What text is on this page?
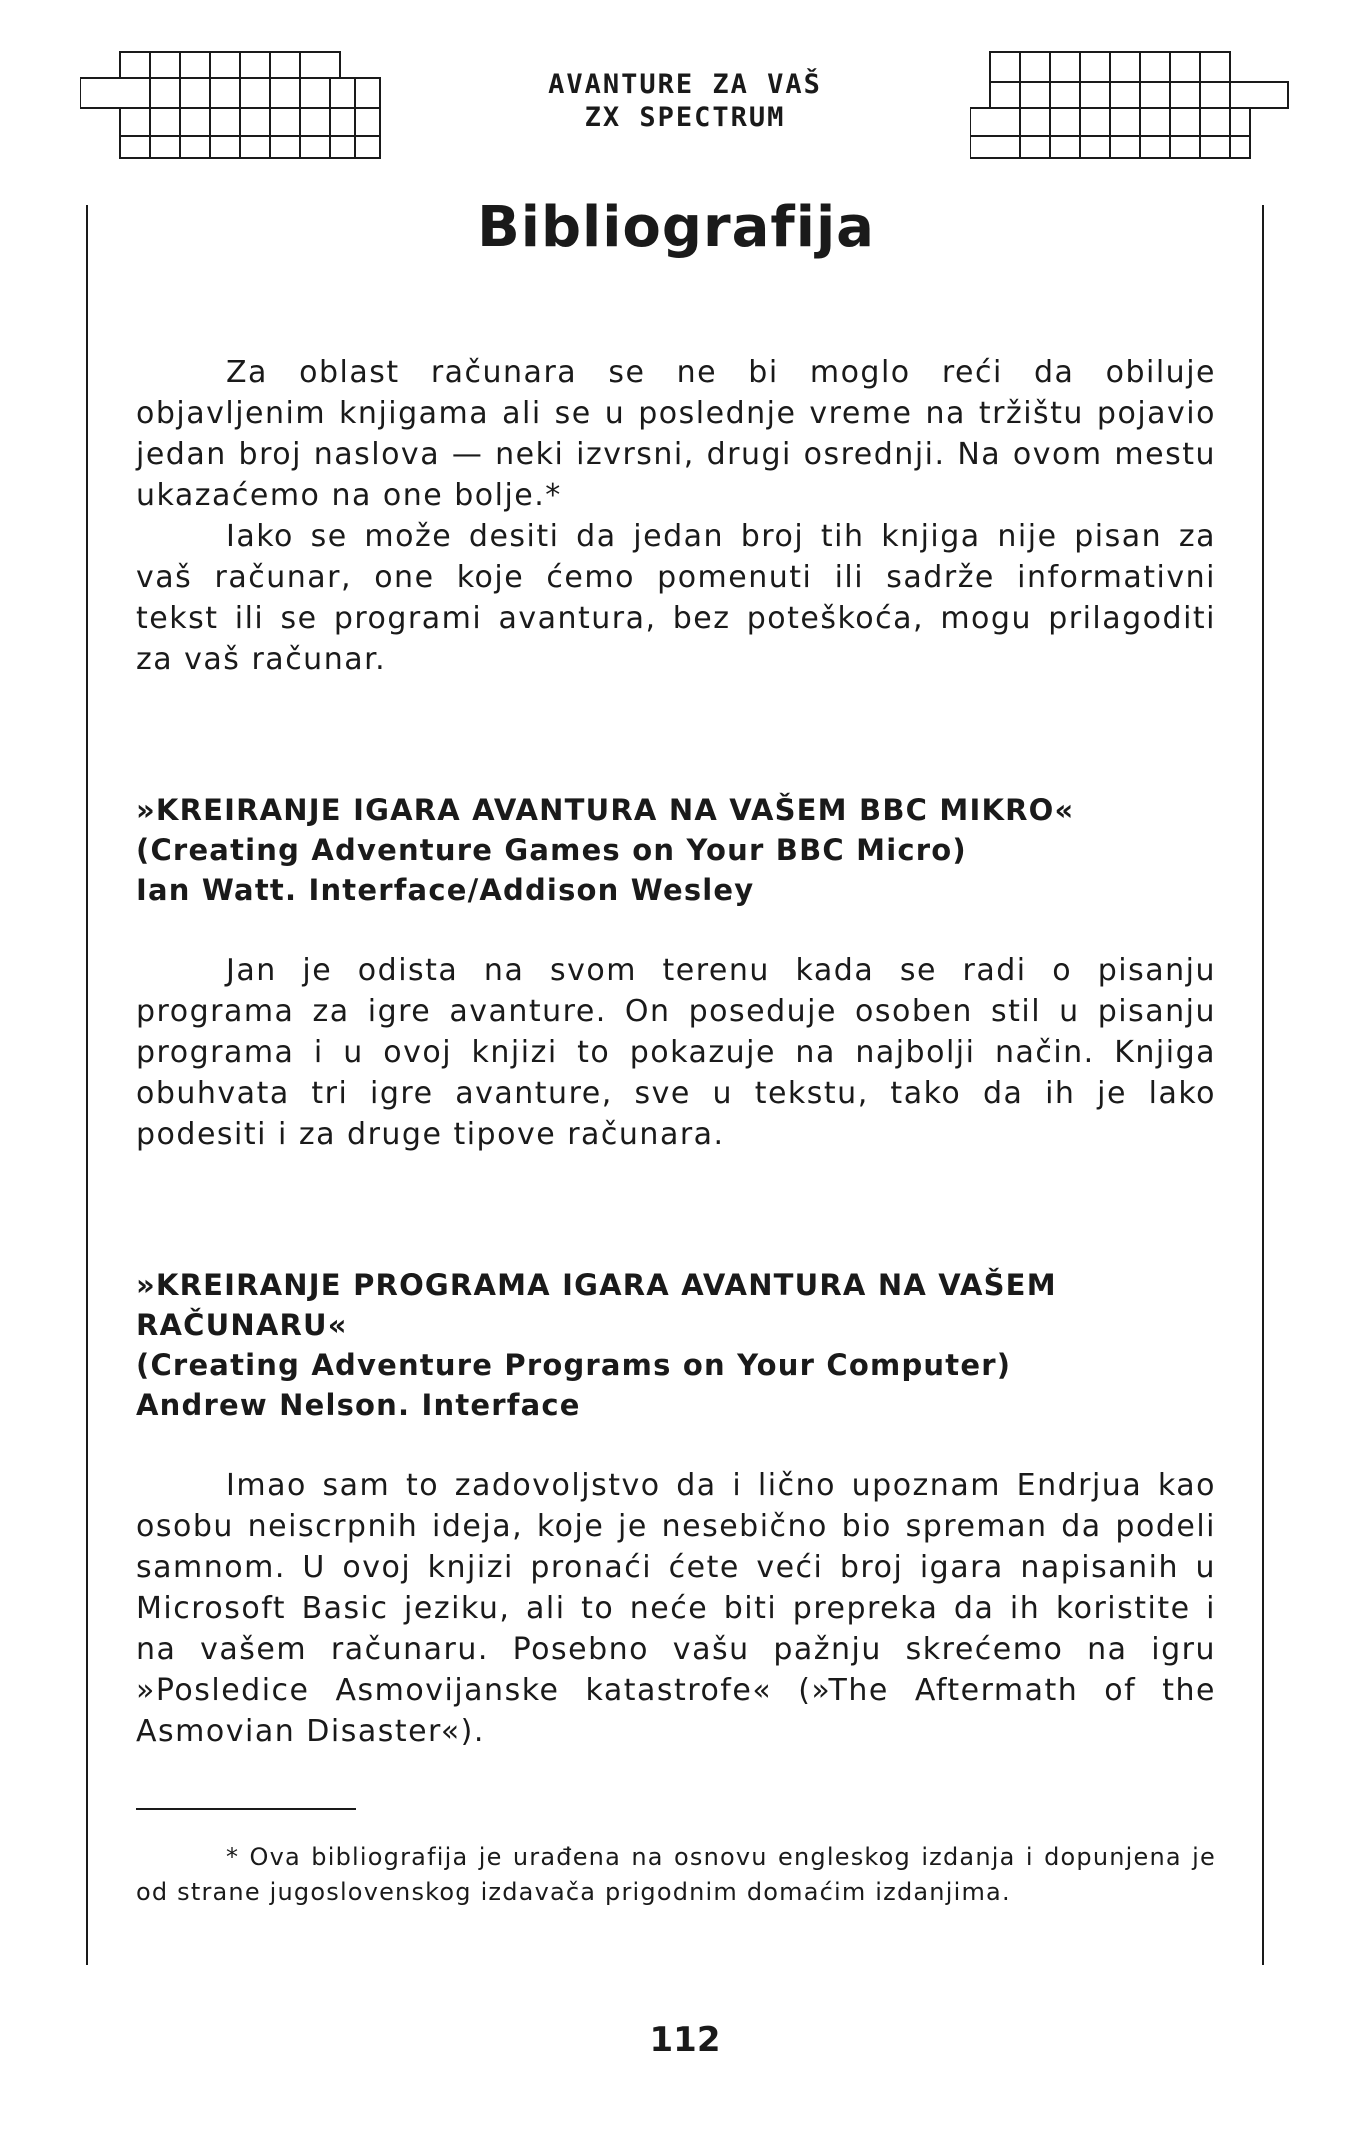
AVANTURE ZA VAŠ
ZX SPECTRUM
Bibliografija

Za oblast računara se ne bi moglo reći da obiluje objavljenim knjigama ali se u poslednje vreme na tržištu pojavio jedan broj naslova — neki izvrsni, drugi osrednji. Na ovom mestu ukazaćemo na one bolje.*

Iako se može desiti da jedan broj tih knjiga nije pisan za vaš računar, one koje ćemo pomenuti ili sadrže informativni tekst ili se programi avantura, bez poteškoća, mogu prilagoditi za vaš računar.

»KREIRANJE IGARA AVANTURA NA VAŠEM BBC MIKRO«
(Creating Adventure Games on Your BBC Micro)
Ian Watt. Interface/Addison Wesley

Jan je odista na svom terenu kada se radi o pisanju programa za igre avanture. On poseduje osoben stil u pisanju programa i u ovoj knjizi to pokazuje na najbolji način. Knjiga obuhvata tri igre avanture, sve u tekstu, tako da ih je lako podesiti i za druge tipove računara.

»KREIRANJE PROGRAMA IGARA AVANTURA NA VAŠEM
RAČUNARU«
(Creating Adventure Programs on Your Computer)
Andrew Nelson. Interface

Imao sam to zadovoljstvo da i lično upoznam Endrjua kao osobu neiscrpnih ideja, koje je nesebično bio spreman da podeli samnom. U ovoj knjizi pronaći ćete veći broj igara napisanih u Microsoft Basic jeziku, ali to neće biti prepreka da ih koristite i na vašem računaru. Posebno vašu pažnju skrećemo na igru »Posledice Asmovijanske katastrofe« (»The Aftermath of the Asmovian Disaster«).

* Ova bibliografija je urađena na osnovu engleskog izdanja i dopunjena je od strane jugoslovenskog izdavača prigodnim domaćim izdanjima.

112
